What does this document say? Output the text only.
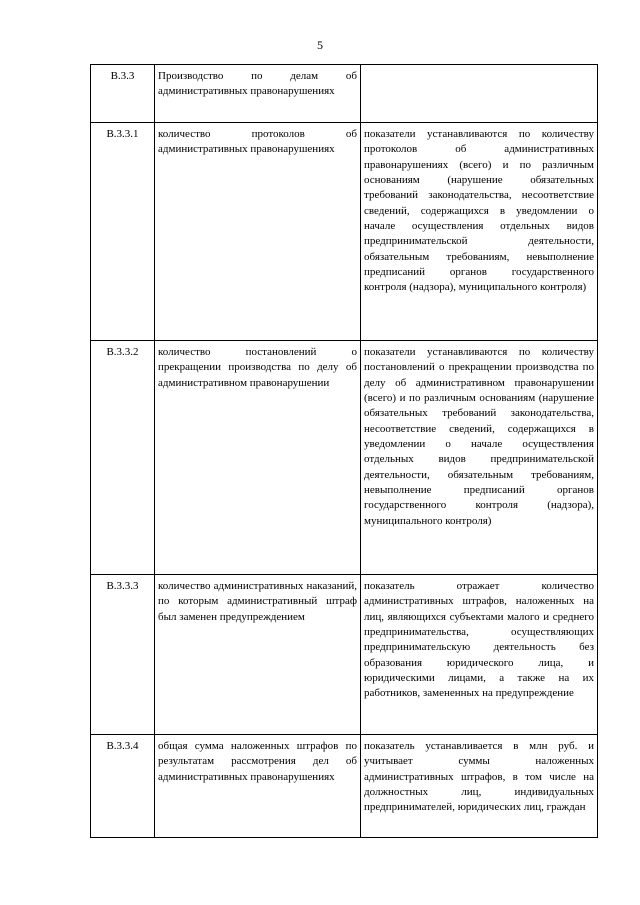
5
В.3.3	Производство по делам об административных правонарушениях	
В.3.3.1	количество протоколов об административных правонарушениях	показатели устанавливаются по количеству протоколов об административных правонарушениях (всего) и по различным основаниям (нарушение обязательных требований законодательства, несоответствие сведений, содержащихся в уведомлении о начале осуществления отдельных видов предпринимательской деятельности, обязательным требованиям, невыполнение предписаний органов государственного контроля (надзора), муниципального контроля)
В.3.3.2	количество постановлений о прекращении производства по делу об административном правонарушении	показатели устанавливаются по количеству постановлений о прекращении производства по делу об административном правонарушении (всего) и по различным основаниям (нарушение обязательных требований законодательства, несоответствие сведений, содержащихся в уведомлении о начале осуществления отдельных видов предпринимательской деятельности, обязательным требованиям, невыполнение предписаний органов государственного контроля (надзора), муниципального контроля)
В.3.3.3	количество административных наказаний, по которым административный штраф был заменен предупреждением	показатель отражает количество административных штрафов, наложенных на лиц, являющихся субъектами малого и среднего предпринимательства, осуществляющих предпринимательскую деятельность без образования юридического лица, и юридическими лицами, а также на их работников, замененных на предупреждение
В.3.3.4	общая сумма наложенных штрафов по результатам рассмотрения дел об административных правонарушениях	показатель устанавливается в млн руб. и учитывает суммы наложенных административных штрафов, в том числе на должностных лиц, индивидуальных предпринимателей, юридических лиц, граждан
